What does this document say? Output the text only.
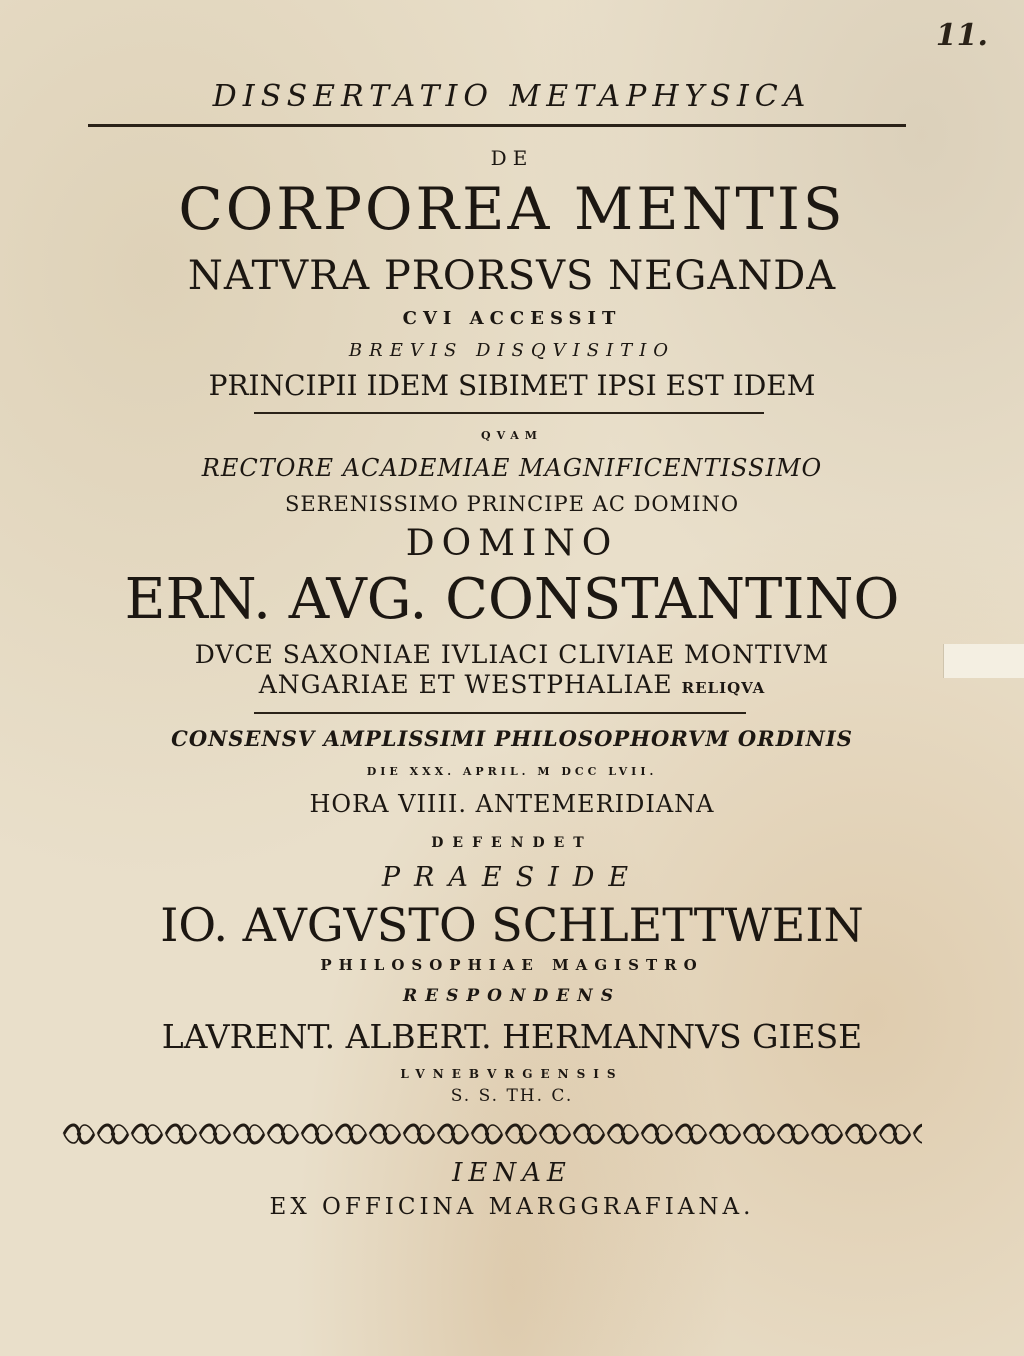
11.
DISSERTATIO METAPHYSICA
DE
CORPOREA MENTIS
NATVRA PRORSVS NEGANDA
CVI ACCESSIT
BREVIS DISQVISITIO
PRINCIPII IDEM SIBIMET IPSI EST IDEM
QVAM
RECTORE ACADEMIAE MAGNIFICENTISSIMO
SERENISSIMO PRINCIPE AC DOMINO
DOMINO
ERN. AVG. CONSTANTINO
DVCE SAXONIAE IVLIACI CLIVIAE MONTIVM
ANGARIAE ET WESTPHALIAE RELIQVA
CONSENSV AMPLISSIMI PHILOSOPHORVM ORDINIS
DIE XXX. APRIL. M DCC LVII.
HORA VIIII. ANTEMERIDIANA
DEFENDET
PRAESIDE
IO. AVGVSTO SCHLETTWEIN
PHILOSOPHIAE MAGISTRO
RESPONDENS
LAVRENT. ALBERT. HERMANNVS GIESE
LVNEBVRGENSIS
S. S. TH. C.
IENAE
EX OFFICINA MARGGRAFIANA.
